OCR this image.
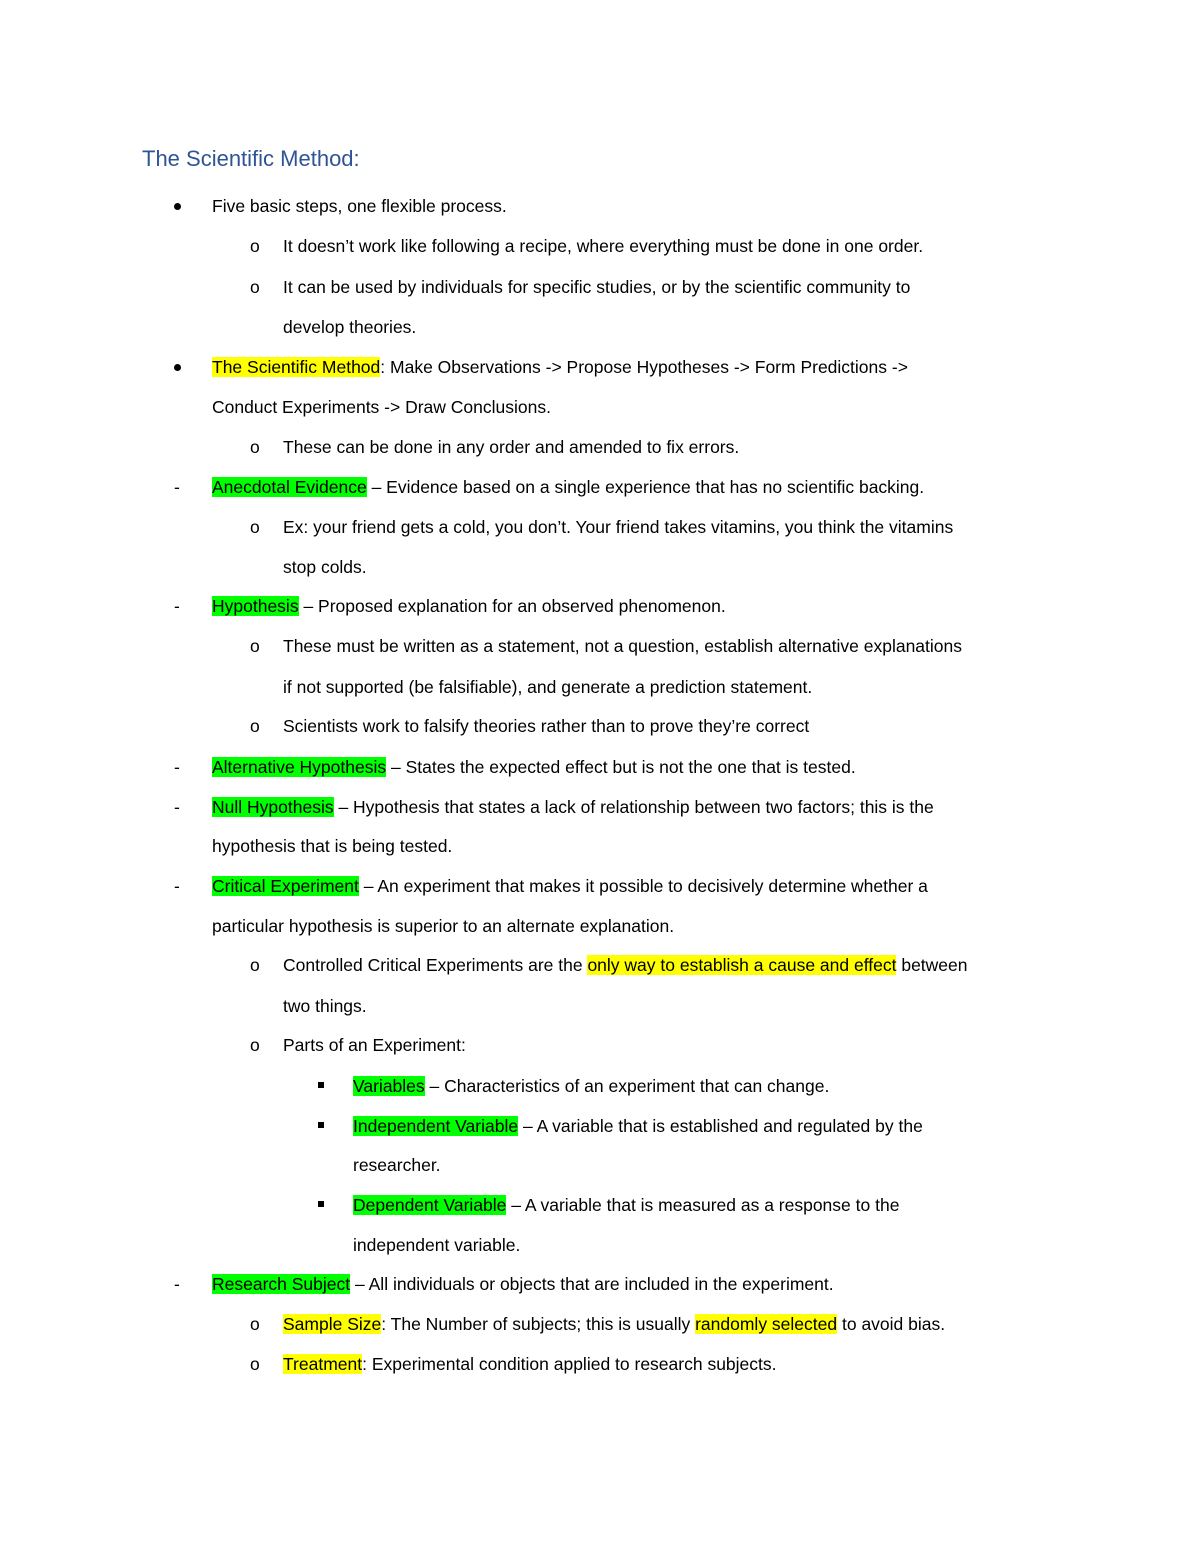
The Scientific Method:
Five basic steps, one flexible process.
o It doesn’t work like following a recipe, where everything must be done in one order.
o It can be used by individuals for specific studies, or by the scientific community to
develop theories.
The Scientific Method: Make Observations -> Propose Hypotheses -> Form Predictions ->
Conduct Experiments -> Draw Conclusions.
o These can be done in any order and amended to fix errors.
- Anecdotal Evidence – Evidence based on a single experience that has no scientific backing.
o Ex: your friend gets a cold, you don’t. Your friend takes vitamins, you think the vitamins
stop colds.
- Hypothesis – Proposed explanation for an observed phenomenon.
o These must be written as a statement, not a question, establish alternative explanations
if not supported (be falsifiable), and generate a prediction statement.
o Scientists work to falsify theories rather than to prove they’re correct
- Alternative Hypothesis – States the expected effect but is not the one that is tested.
- Null Hypothesis – Hypothesis that states a lack of relationship between two factors; this is the
hypothesis that is being tested.
- Critical Experiment – An experiment that makes it possible to decisively determine whether a
particular hypothesis is superior to an alternate explanation.
o Controlled Critical Experiments are the only way to establish a cause and effect between
two things.
o Parts of an Experiment:
Variables – Characteristics of an experiment that can change.
Independent Variable – A variable that is established and regulated by the
researcher.
Dependent Variable – A variable that is measured as a response to the
independent variable.
- Research Subject – All individuals or objects that are included in the experiment.
o Sample Size: The Number of subjects; this is usually randomly selected to avoid bias.
o Treatment: Experimental condition applied to research subjects.
